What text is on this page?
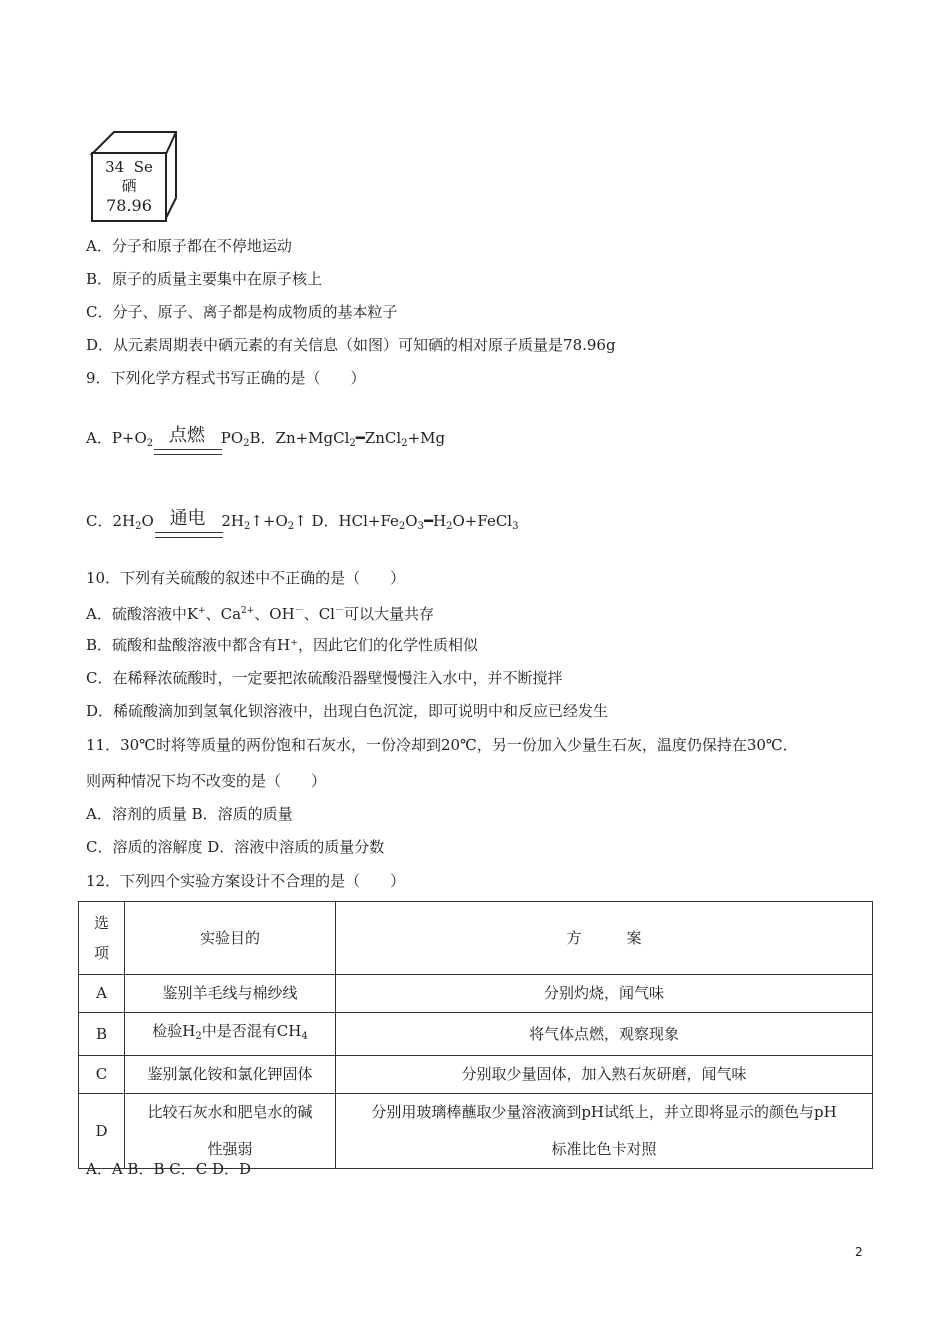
34 Se
硒
78.96
A．分子和原子都在不停地运动
B．原子的质量主要集中在原子核上
C．分子、原子、离子都是构成物质的基本粒子
D．从元素周期表中硒元素的有关信息（如图）可知硒的相对原子质量是78.96g
9．下列化学方程式书写正确的是（　　）
A．$P+O_2$ 点燃 $PO_2B$．Zn+MgCl$_2$━ZnCl$_2$+Mg
C．$2H_2O$ 通电 $2H_2↑+O_2↑$ D．$HCl+Fe_2O_3━H_2O+FeCl_3$
10．下列有关硫酸的叙述中不正确的是（　　）
A．硫酸溶液中K+、$Ca^{2+}$、OH－、Cl－可以大量共存
B．硫酸和盐酸溶液中都含有H⁺，因此它们的化学性质相似
C．在稀释浓硫酸时，一定要把浓硫酸沿器壁慢慢注入水中，并不断搅拌
D．稀硫酸滴加到氢氧化钡溶液中，出现白色沉淀，即可说明中和反应已经发生
11．30℃时将等质量的两份饱和石灰水，一份冷却到20℃，另一份加入少量生石灰，温度仍保持在30℃．
则两种情况下均不改变的是（　　）
A．溶剂的质量 B．溶质的质量
C．溶质的溶解度 D．溶液中溶质的质量分数
12．下列四个实验方案设计不合理的是（　　）
选
项	实验目的	方　　　案
A	鉴别羊毛线与棉纱线	分别灼烧，闻气味
B	检验$H_2$中是否混有$CH_4$	将气体点燃，观察现象
C	鉴别氯化铵和氯化钾固体	分别取少量固体，加入熟石灰研磨，闻气味
D	比较石灰水和肥皂水的碱
性强弱	分别用玻璃棒蘸取少量溶液滴到pH试纸上，并立即将显示的颜色与pH
标准比色卡对照
A．A B．B C．C D．D
2
